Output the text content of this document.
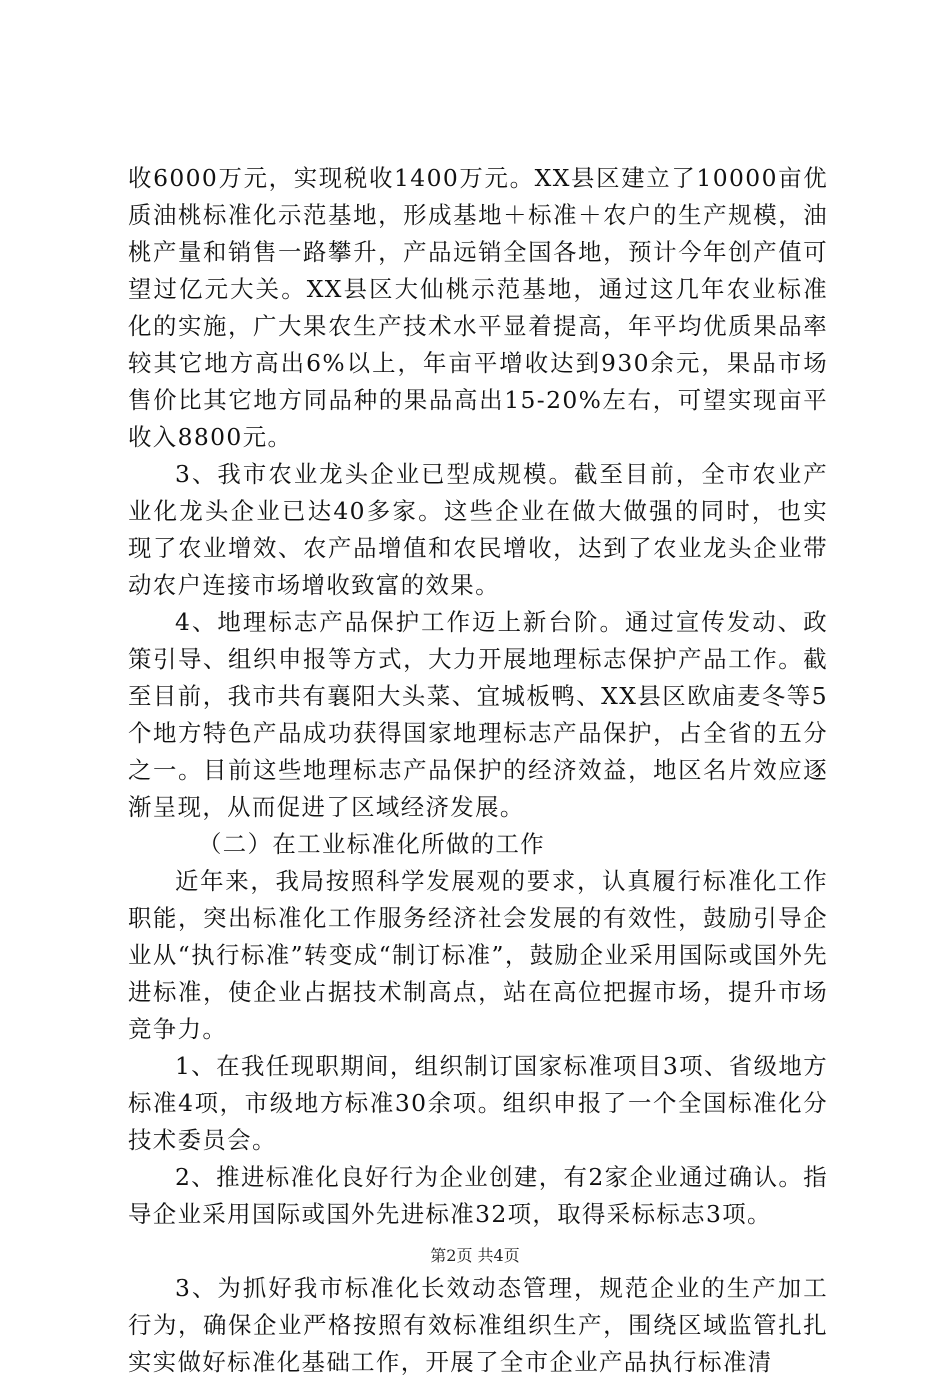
收6000万元，实现税收1400万元。XX县区建立了10000亩优质油桃标准化示范基地，形成基地＋标准＋农户的生产规模，油桃产量和销售一路攀升，产品远销全国各地，预计今年创产值可望过亿元大关。XX县区大仙桃示范基地，通过这几年农业标准化的实施，广大果农生产技术水平显着提高，年平均优质果品率较其它地方高出6%以上，年亩平增收达到930余元，果品市场售价比其它地方同品种的果品高出15-20%左右，可望实现亩平收入8800元。

3、我市农业龙头企业已型成规模。截至目前，全市农业产业化龙头企业已达40多家。这些企业在做大做强的同时，也实现了农业增效、农产品增值和农民增收，达到了农业龙头企业带动农户连接市场增收致富的效果。

4、地理标志产品保护工作迈上新台阶。通过宣传发动、政策引导、组织申报等方式，大力开展地理标志保护产品工作。截至目前，我市共有襄阳大头菜、宜城板鸭、XX县区欧庙麦冬等5个地方特色产品成功获得国家地理标志产品保护，占全省的五分之一。目前这些地理标志产品保护的经济效益，地区名片效应逐渐呈现，从而促进了区域经济发展。

（二）在工业标准化所做的工作

近年来，我局按照科学发展观的要求，认真履行标准化工作职能，突出标准化工作服务经济社会发展的有效性，鼓励引导企业从“执行标准”转变成“制订标准”，鼓励企业采用国际或国外先进标准，使企业占据技术制高点，站在高位把握市场，提升市场竞争力。

1、在我任现职期间，组织制订国家标准项目3项、省级地方标准4项，市级地方标准30余项。组织申报了一个全国标准化分技术委员会。

2、推进标准化良好行为企业创建，有2家企业通过确认。指导企业采用国际或国外先进标准32项，取得采标标志3项。

3、为抓好我市标准化长效动态管理，规范企业的生产加工行为，确保企业严格按照有效标准组织生产，围绕区域监管扎扎实实做好标准化基础工作，开展了全市企业产品执行标准清

第2页 共4页
